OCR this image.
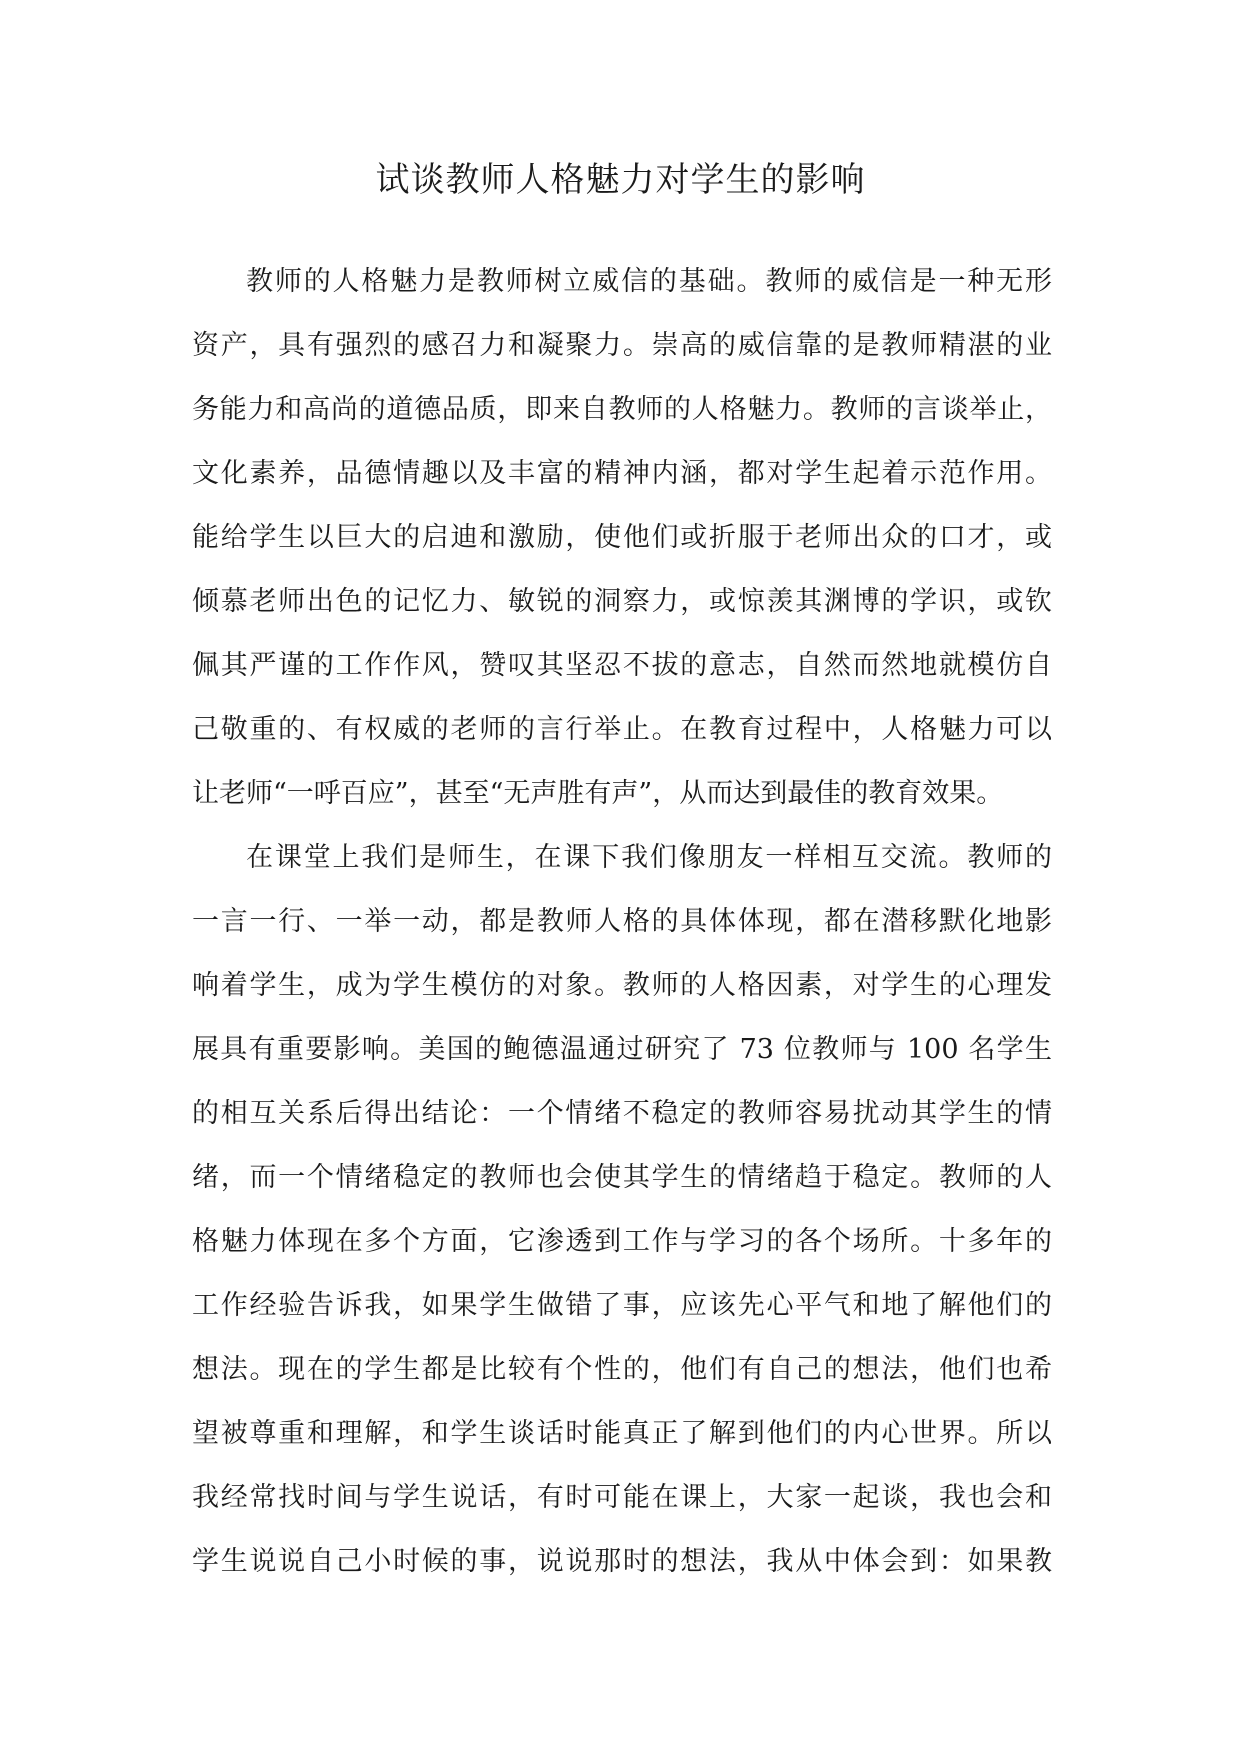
试谈教师人格魅力对学生的影响
教师的人格魅力是教师树立威信的基础。教师的威信是一种无形
资产，具有强烈的感召力和凝聚力。崇高的威信靠的是教师精湛的业
务能力和高尚的道德品质，即来自教师的人格魅力。教师的言谈举止，
文化素养，品德情趣以及丰富的精神内涵，都对学生起着示范作用。
能给学生以巨大的启迪和激励，使他们或折服于老师出众的口才，或
倾慕老师出色的记忆力、敏锐的洞察力，或惊羡其渊博的学识，或钦
佩其严谨的工作作风，赞叹其坚忍不拔的意志，自然而然地就模仿自
己敬重的、有权威的老师的言行举止。在教育过程中，人格魅力可以
让老师“一呼百应”，甚至“无声胜有声”，从而达到最佳的教育效果。
在课堂上我们是师生，在课下我们像朋友一样相互交流。教师的
一言一行、一举一动，都是教师人格的具体体现，都在潜移默化地影
响着学生，成为学生模仿的对象。教师的人格因素，对学生的心理发
展具有重要影响。美国的鲍德温通过研究了 73 位教师与 100 名学生
的相互关系后得出结论：一个情绪不稳定的教师容易扰动其学生的情
绪，而一个情绪稳定的教师也会使其学生的情绪趋于稳定。教师的人
格魅力体现在多个方面，它渗透到工作与学习的各个场所。十多年的
工作经验告诉我，如果学生做错了事，应该先心平气和地了解他们的
想法。现在的学生都是比较有个性的，他们有自己的想法，他们也希
望被尊重和理解，和学生谈话时能真正了解到他们的内心世界。所以
我经常找时间与学生说话，有时可能在课上，大家一起谈，我也会和
学生说说自己小时候的事，说说那时的想法，我从中体会到：如果教
